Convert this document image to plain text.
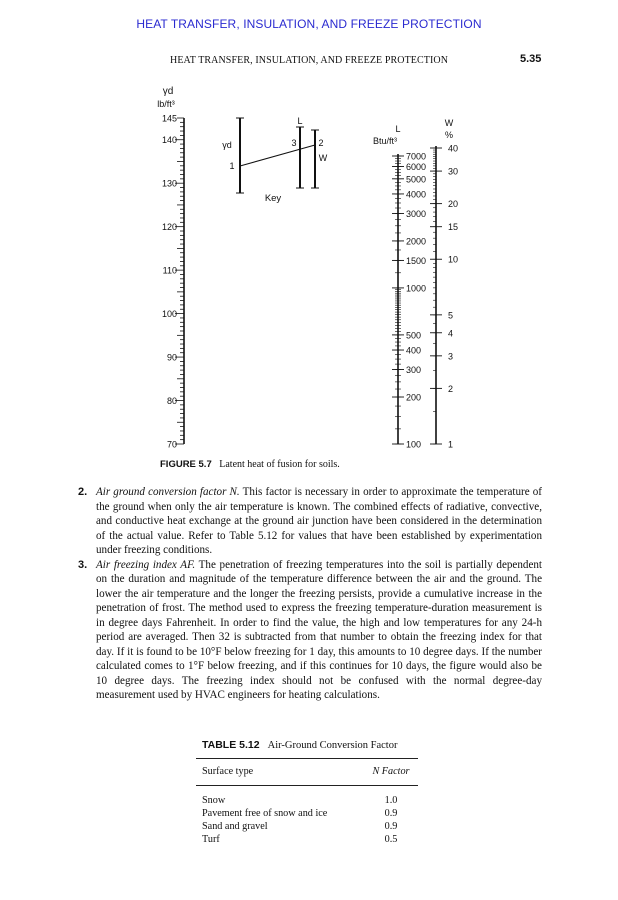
HEAT TRANSFER, INSULATION, AND FREEZE PROTECTION
HEAT TRANSFER, INSULATION, AND FREEZE PROTECTION	5.35
γd
lb/ft³
145
140
130
120
110
100
90
80
70
γd
L
W
1
2
3
Key
L
Btu/ft³
7000
6000
5000
4000
3000
2000
1500
1000
500
400
300
200
100
W
%
40
30
20
15
10
5
4
3
2
1
FIGURE 5.7 Latent heat of fusion for soils.
2. Air ground conversion factor N. This factor is necessary in order to approximate the temperature of the ground when only the air temperature is known. The combined effects of radiative, convective, and conductive heat exchange at the ground air junction have been considered in the determination of the actual value. Refer to Table 5.12 for values that have been established by experimentation under freezing conditions.
3. Air freezing index AF. The penetration of freezing temperatures into the soil is partially dependent on the duration and magnitude of the temperature difference between the air and the ground. The lower the air temperature and the longer the freezing persists, provide a cumulative increase in the penetration of frost. The method used to express the freezing temperature-duration measurement is in degree days Fahrenheit. In order to find the value, the high and low temperatures for any 24-h period are averaged. Then 32 is subtracted from that number to obtain the freezing index for that day. If it is found to be 10°F below freezing for 1 day, this amounts to 10 degree days. If the number calculated comes to 1°F below freezing, and if this continues for 10 days, the figure would also be 10 degree days. The freezing index should not be confused with the normal degree-day measurement used by HVAC engineers for heating calculations.
TABLE 5.12 Air-Ground Conversion Factor
Surface type	N Factor
Snow	1.0
Pavement free of snow and ice	0.9
Sand and gravel	0.9
Turf	0.5
